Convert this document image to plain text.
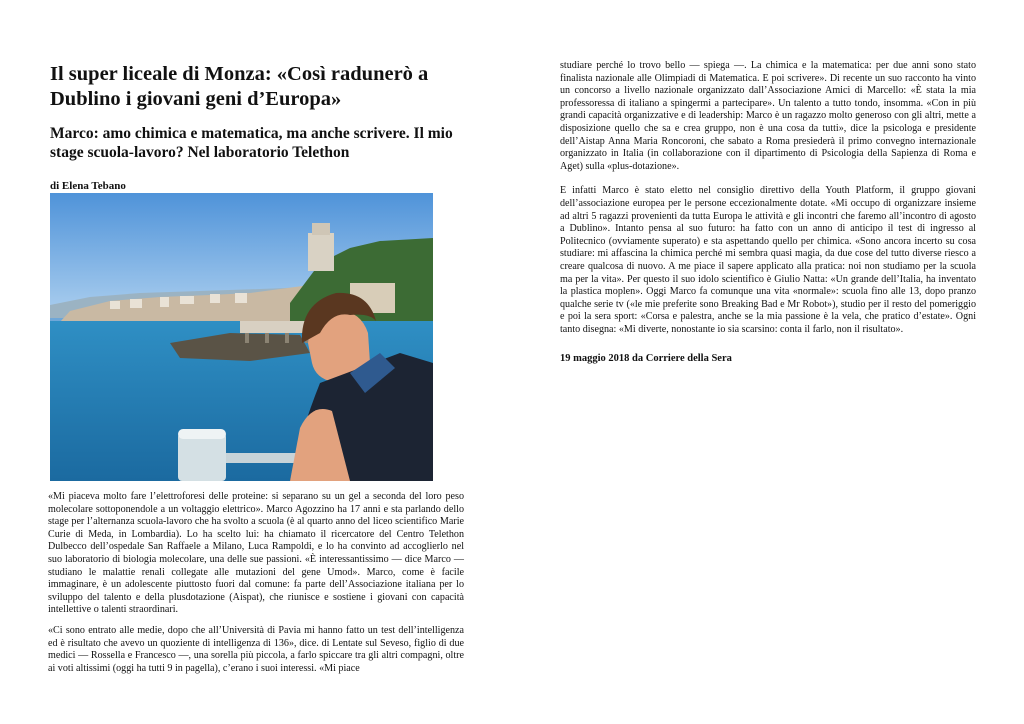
Il super liceale di Monza: «Così radunerò a Dublino i giovani geni d’Europa»
Marco: amo chimica e matematica, ma anche scrivere. Il mio stage scuola-lavoro? Nel laboratorio Telethon
di Elena Tebano

«Mi piaceva molto fare l’elettroforesi delle proteine: si separano su un gel a seconda del loro peso molecolare sottoponendole a un voltaggio elettrico». Marco Agozzino ha 17 anni e sta parlando dello stage per l’alternanza scuola-lavoro che ha svolto a scuola (è al quarto anno del liceo scientifico Marie Curie di Meda, in Lombardia). Lo ha scelto lui: ha chiamato il ricercatore del Centro Telethon Dulbecco dell’ospedale San Raffaele a Milano, Luca Rampoldi, e lo ha convinto ad accoglierlo nel suo laboratorio di biologia molecolare, una delle sue passioni. «È interessantissimo — dice Marco — studiano le malattie renali collegate alle mutazioni del gene Umod». Marco, come è facile immaginare, è un adolescente piuttosto fuori dal comune: fa parte dell’Associazione italiana per lo sviluppo del talento e della plusdotazione (Aispat), che riunisce e sostiene i giovani con capacità intellettive o talenti straordinari.

«Ci sono entrato alle medie, dopo che all’Università di Pavia mi hanno fatto un test dell’intelligenza ed è risultato che avevo un quoziente di intelligenza di 136», dice. di Lentate sul Seveso, figlio di due medici — Rossella e Francesco —, una sorella più piccola, a farlo spiccare tra gli altri compagni, oltre ai voti altissimi (oggi ha tutti 9 in pagella), c’erano i suoi interessi. «Mi piace

studiare perché lo trovo bello — spiega —. La chimica e la matematica: per due anni sono stato finalista nazionale alle Olimpiadi di Matematica. E poi scrivere». Di recente un suo racconto ha vinto un concorso a livello nazionale organizzato dall’Associazione Amici di Marcello: «È stata la mia professoressa di italiano a spingermi a partecipare». Un talento a tutto tondo, insomma. «Con in più grandi capacità organizzative e di leadership: Marco è un ragazzo molto generoso con gli altri, mette a disposizione quello che sa e crea gruppo, non è una cosa da tutti», dice la psicologa e presidente dell’Aistap Anna Maria Roncoroni, che sabato a Roma presiederà il primo convegno internazionale organizzato in Italia (in collaborazione con il dipartimento di Psicologia della Sapienza di Roma e Aget) sulla «plus-dotazione».

E infatti Marco è stato eletto nel consiglio direttivo della Youth Platform, il gruppo giovani dell’associazione europea per le persone eccezionalmente dotate. «Mi occupo di organizzare insieme ad altri 5 ragazzi provenienti da tutta Europa le attività e gli incontri che faremo all’incontro di agosto a Dublino». Intanto pensa al suo futuro: ha fatto con un anno di anticipo il test di ingresso al Politecnico (ovviamente superato) e sta aspettando quello per chimica. «Sono ancora incerto su cosa studiare: mi affascina la chimica perché mi sembra quasi magia, da due cose del tutto diverse riesco a creare qualcosa di nuovo. A me piace il sapere applicato alla pratica: noi non studiamo per la scuola ma per la vita». Per questo il suo idolo scientifico è Giulio Natta: «Un grande dell’Italia, ha inventato la plastica moplen». Oggi Marco fa comunque una vita «normale»: scuola fino alle 13, dopo pranzo qualche serie tv («le mie preferite sono Breaking Bad e Mr Robot»), studio per il resto del pomeriggio e poi la sera sport: «Corsa e palestra, anche se la mia passione è la vela, che pratico d’estate». Ogni tanto disegna: «Mi diverte, nonostante io sia scarsino: conta il farlo, non il risultato».

19 maggio 2018 da Corriere della Sera
